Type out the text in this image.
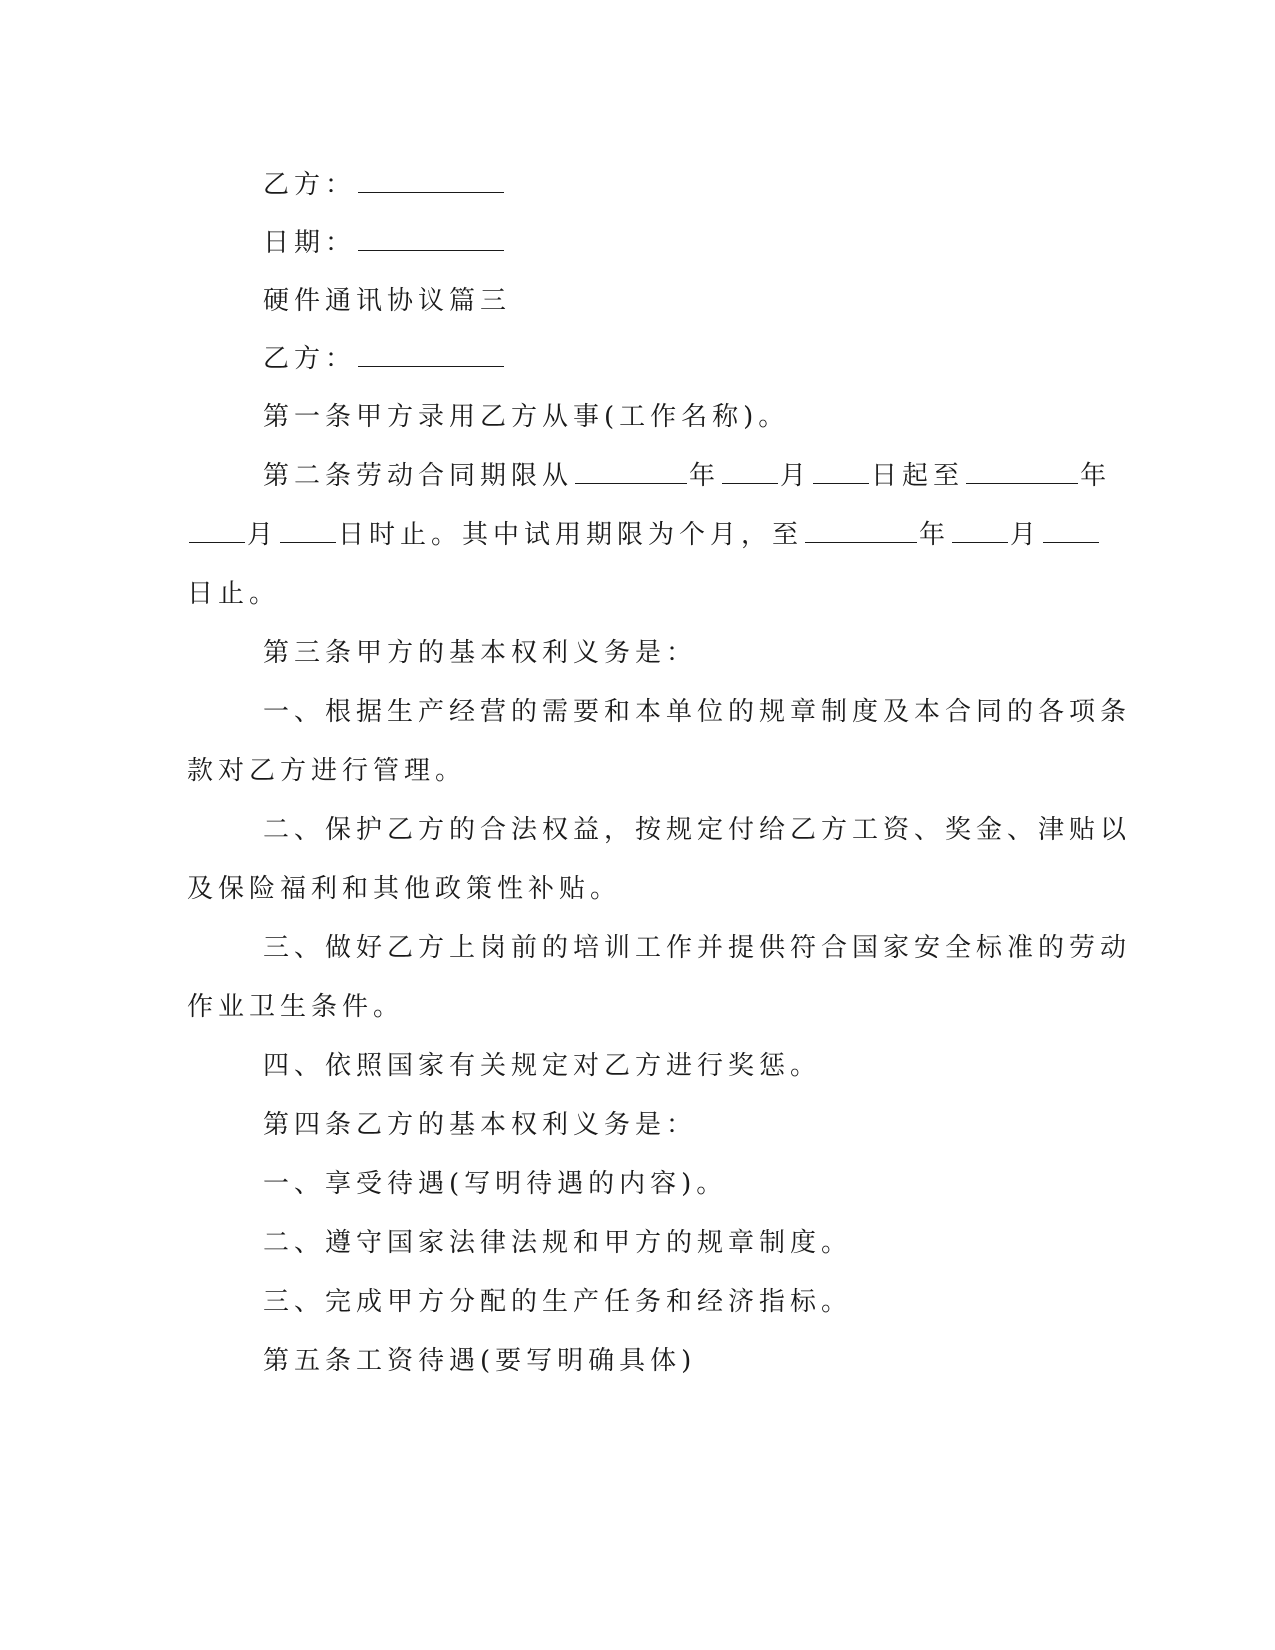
乙方：
日期：
硬件通讯协议篇三
乙方：
第一条甲方录用乙方从事(工作名称)。
第二条劳动合同期限从	年 月 日起至	年
月 日时止。其中试用期限为个月，至	年 月
日止。
第三条甲方的基本权利义务是：
一、根据生产经营的需要和本单位的规章制度及本合同的各项条
款对乙方进行管理。
二、保护乙方的合法权益，按规定付给乙方工资、奖金、津贴以
及保险福利和其他政策性补贴。
三、做好乙方上岗前的培训工作并提供符合国家安全标准的劳动
作业卫生条件。
四、依照国家有关规定对乙方进行奖惩。
第四条乙方的基本权利义务是：
一、享受待遇(写明待遇的内容)。
二、遵守国家法律法规和甲方的规章制度。
三、完成甲方分配的生产任务和经济指标。
第五条工资待遇(要写明确具体)
